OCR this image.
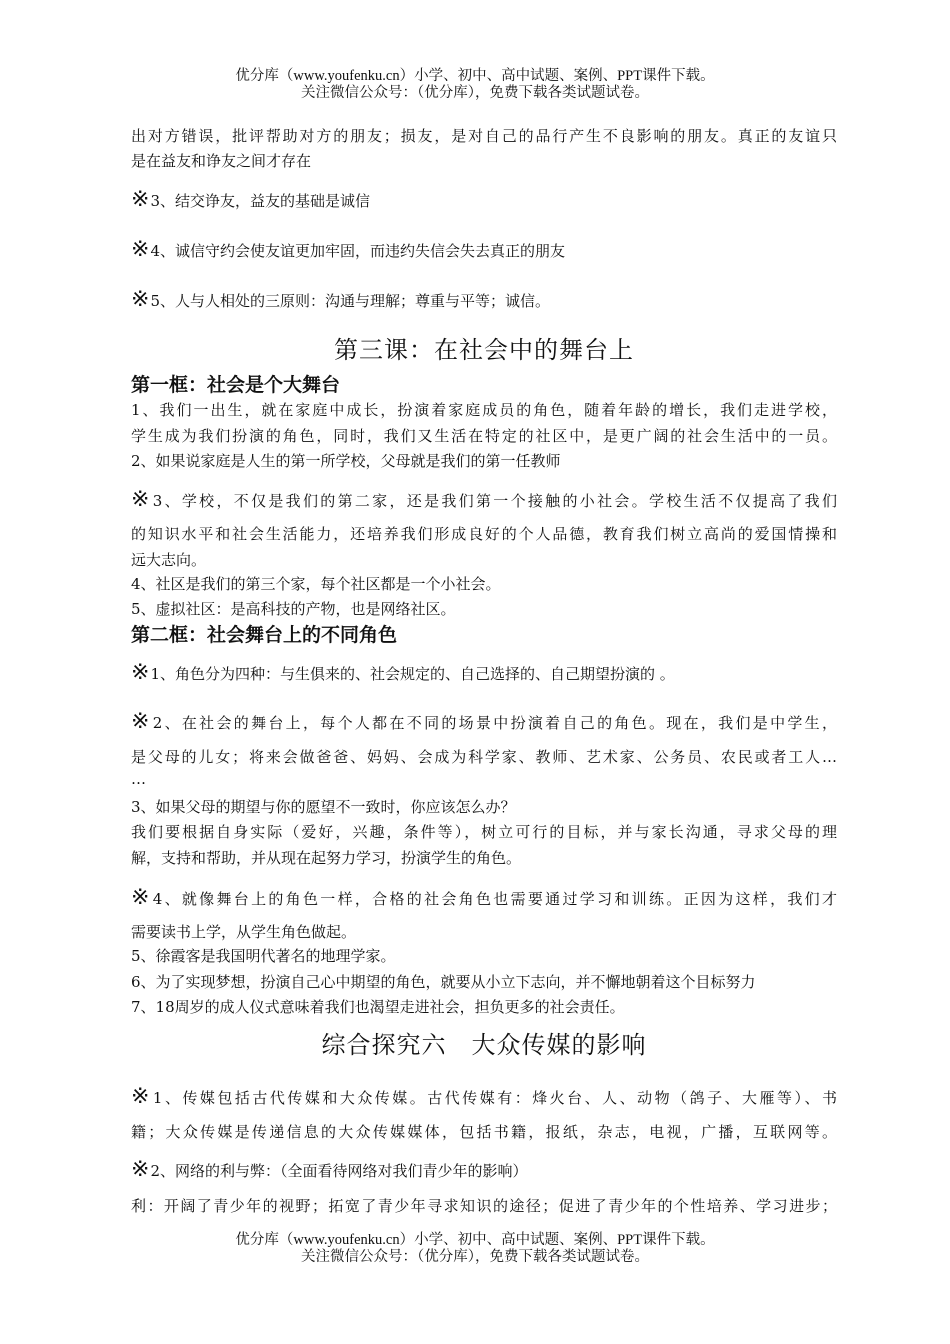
优分库（www.youfenku.cn）小学、初中、高中试题、案例、PPT课件下载。
关注微信公众号：（优分库），免费下载各类试题试卷。
出对方错误，批评帮助对方的朋友；损友，是对自己的品行产生不良影响的朋友。真正的友谊只
是在益友和诤友之间才存在
※3、结交诤友，益友的基础是诚信
※4、诚信守约会使友谊更加牢固，而违约失信会失去真正的朋友
※5、人与人相处的三原则：沟通与理解；尊重与平等；诚信。
第三课：在社会中的舞台上
第一框：社会是个大舞台
1、我们一出生，就在家庭中成长，扮演着家庭成员的角色，随着年龄的增长，我们走进学校，
学生成为我们扮演的角色，同时，我们又生活在特定的社区中，是更广阔的社会生活中的一员。
2、如果说家庭是人生的第一所学校，父母就是我们的第一任教师
※3、学校，不仅是我们的第二家，还是我们第一个接触的小社会。学校生活不仅提高了我们
的知识水平和社会生活能力，还培养我们形成良好的个人品德，教育我们树立高尚的爱国情操和
远大志向。
4、社区是我们的第三个家，每个社区都是一个小社会。
5、虚拟社区：是高科技的产物，也是网络社区。
第二框：社会舞台上的不同角色
※1、角色分为四种：与生俱来的、社会规定的、自己选择的、自己期望扮演的 。
※2、在社会的舞台上，每个人都在不同的场景中扮演着自己的角色。现在，我们是中学生，
是父母的儿女；将来会做爸爸、妈妈、会成为科学家、教师、艺术家、公务员、农民或者工人…
…
3、如果父母的期望与你的愿望不一致时，你应该怎么办？
我们要根据自身实际（爱好，兴趣，条件等），树立可行的目标，并与家长沟通，寻求父母的理
解，支持和帮助，并从现在起努力学习，扮演学生的角色。
※4、就像舞台上的角色一样，合格的社会角色也需要通过学习和训练。正因为这样，我们才
需要读书上学，从学生角色做起。
5、徐霞客是我国明代著名的地理学家。
6、为了实现梦想，扮演自己心中期望的角色，就要从小立下志向，并不懈地朝着这个目标努力
7、18周岁的成人仪式意味着我们也渴望走进社会，担负更多的社会责任。
综合探究六　大众传媒的影响
※1、传媒包括古代传媒和大众传媒。古代传媒有：烽火台、人、动物（鸽子、大雁等）、书
籍；大众传媒是传递信息的大众传媒媒体，包括书籍，报纸，杂志，电视，广播，互联网等。
※2、网络的利与弊：（全面看待网络对我们青少年的影响）
利：开阔了青少年的视野；拓宽了青少年寻求知识的途径；促进了青少年的个性培养、学习进步；
优分库（www.youfenku.cn）小学、初中、高中试题、案例、PPT课件下载。
关注微信公众号：（优分库），免费下载各类试题试卷。
